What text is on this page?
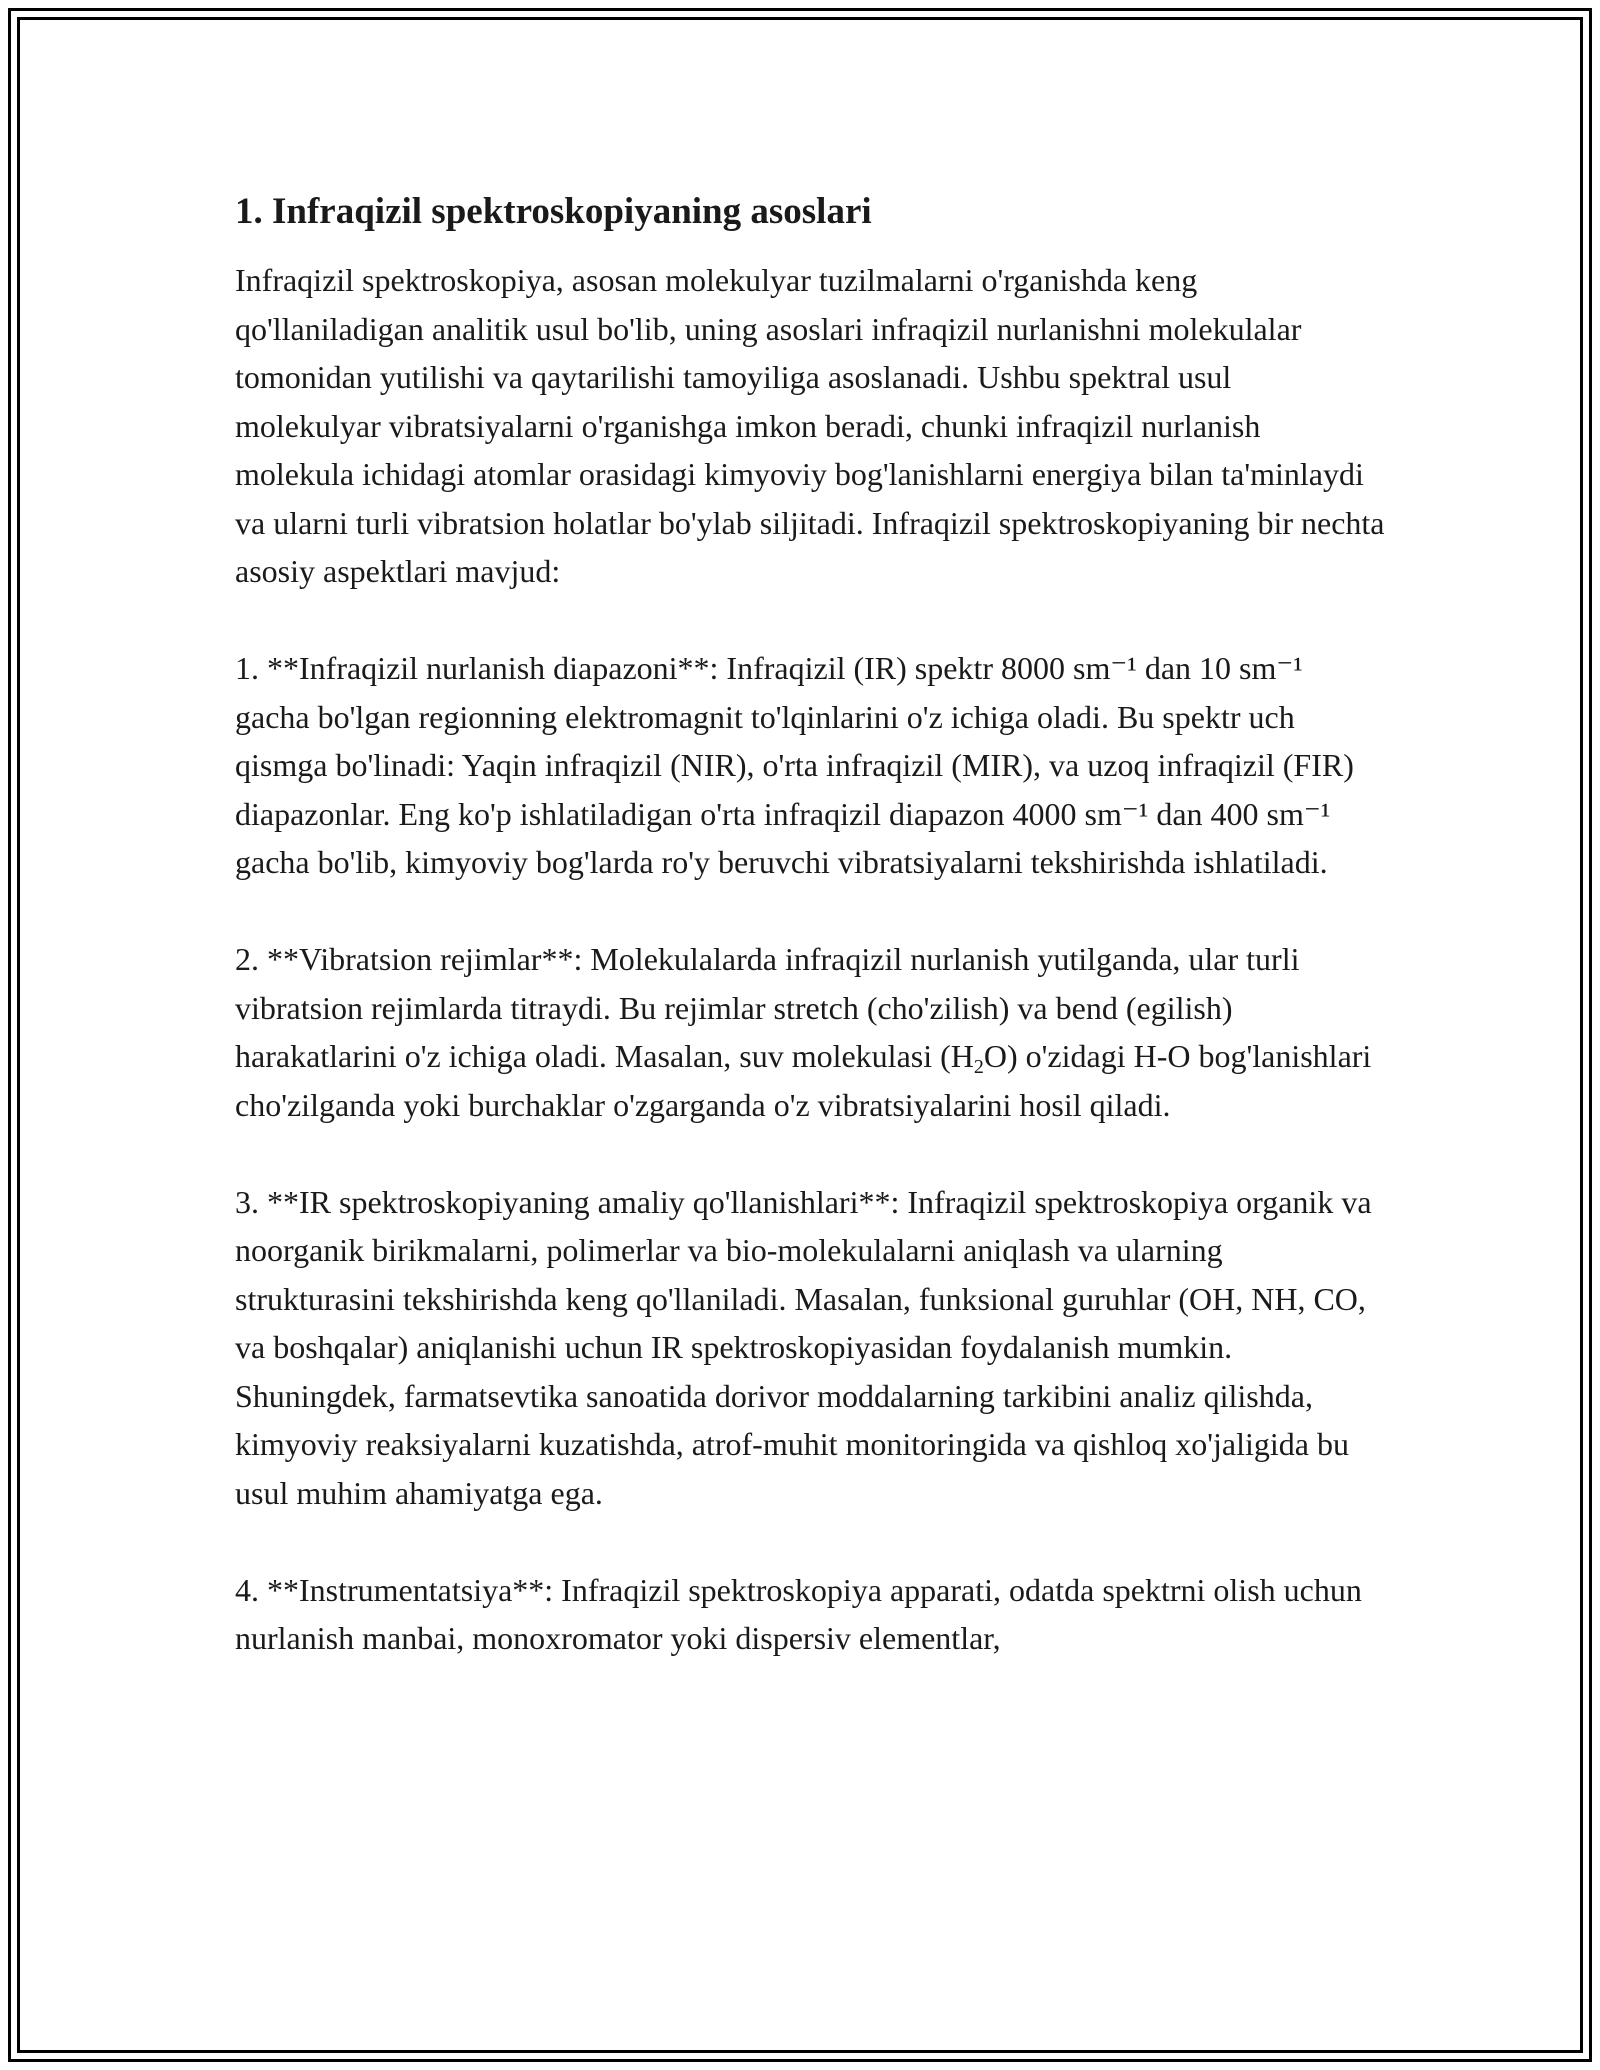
1. Infraqizil spektroskopiyaning asoslari

Infraqizil spektroskopiya, asosan molekulyar tuzilmalarni o'rganishda keng qo'llaniladigan analitik usul bo'lib, uning asoslari infraqizil nurlanishni molekulalar tomonidan yutilishi va qaytarilishi tamoyiliga asoslanadi. Ushbu spektral usul molekulyar vibratsiyalarni o'rganishga imkon beradi, chunki infraqizil nurlanish molekula ichidagi atomlar orasidagi kimyoviy bog'lanishlarni energiya bilan ta'minlaydi va ularni turli vibratsion holatlar bo'ylab siljitadi. Infraqizil spektroskopiyaning bir nechta asosiy aspektlari mavjud:

1. **Infraqizil nurlanish diapazoni**: Infraqizil (IR) spektr 8000 sm⁻¹ dan 10 sm⁻¹ gacha bo'lgan regionning elektromagnit to'lqinlarini o'z ichiga oladi. Bu spektr uch qismga bo'linadi: Yaqin infraqizil (NIR), o'rta infraqizil (MIR), va uzoq infraqizil (FIR) diapazonlar. Eng ko'p ishlatiladigan o'rta infraqizil diapazon 4000 sm⁻¹ dan 400 sm⁻¹ gacha bo'lib, kimyoviy bog'larda ro'y beruvchi vibratsiyalarni tekshirishda ishlatiladi.

2. **Vibratsion rejimlar**: Molekulalarda infraqizil nurlanish yutilganda, ular turli vibratsion rejimlarda titraydi. Bu rejimlar stretch (cho'zilish) va bend (egilish) harakatlarini o'z ichiga oladi. Masalan, suv molekulasi $(H_2O)$ o'zidagi H-O bog'lanishlari cho'zilganda yoki burchaklar o'zgarganda o'z vibratsiyalarini hosil qiladi.

3. **IR spektroskopiyaning amaliy qo'llanishlari**: Infraqizil spektroskopiya organik va noorganik birikmalarni, polimerlar va bio-molekulalarni aniqlash va ularning strukturasini tekshirishda keng qo'llaniladi. Masalan, funksional guruhlar (OH, NH, CO, va boshqalar) aniqlanishi uchun IR spektroskopiyasidan foydalanish mumkin. Shuningdek, farmatsevtika sanoatida dorivor moddalarning tarkibini analiz qilishda, kimyoviy reaksiyalarni kuzatishda, atrof-muhit monitoringida va qishloq xo'jaligida bu usul muhim ahamiyatga ega.

4. **Instrumentatsiya**: Infraqizil spektroskopiya apparati, odatda spektrni olish uchun nurlanish manbai, monoxromator yoki dispersiv elementlar,
